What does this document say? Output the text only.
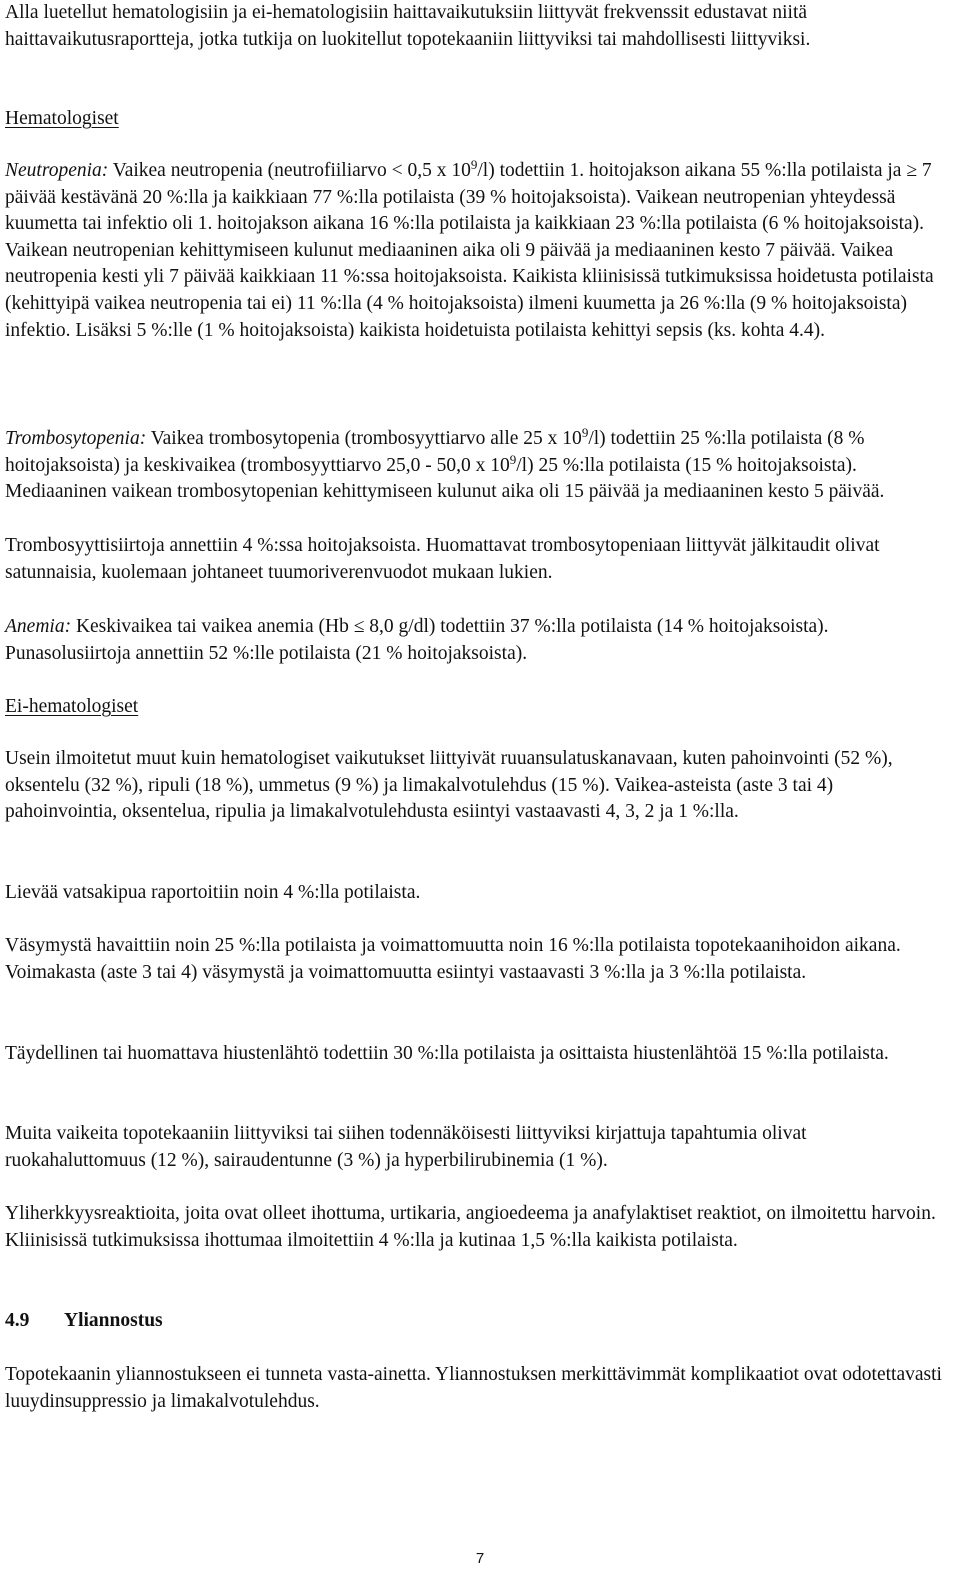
Alla luetellut hematologisiin ja ei-hematologisiin haittavaikutuksiin liittyvät frekvenssit edustavat niitä haittavaikutusraportteja, jotka tutkija on luokitellut topotekaaniin liittyviksi tai mahdollisesti liittyviksi.

Hematologiset

Neutropenia: Vaikea neutropenia (neutrofiiliarvo < 0,5 x $10^9/l$) todettiin 1. hoitojakson aikana 55 %:lla potilaista ja ≥ 7 päivää kestävänä 20 %:lla ja kaikkiaan 77 %:lla potilaista (39 % hoitojaksoista). Vaikean neutropenian yhteydessä kuumetta tai infektio oli 1. hoitojakson aikana 16 %:lla potilaista ja kaikkiaan 23 %:lla potilaista (6 % hoitojaksoista). Vaikean neutropenian kehittymiseen kulunut mediaaninen aika oli 9 päivää ja mediaaninen kesto 7 päivää. Vaikea neutropenia kesti yli 7 päivää kaikkiaan 11 %:ssa hoitojaksoista. Kaikista kliinisissä tutkimuksissa hoidetusta potilaista (kehittyipä vaikea neutropenia tai ei) 11 %:lla (4 % hoitojaksoista) ilmeni kuumetta ja 26 %:lla (9 % hoitojaksoista) infektio. Lisäksi 5 %:lle (1 % hoitojaksoista) kaikista hoidetuista potilaista kehittyi sepsis (ks. kohta 4.4).

Trombosytopenia: Vaikea trombosytopenia (trombosyyttiarvo alle 25 x $10^9/l$) todettiin 25 %:lla potilaista (8 % hoitojaksoista) ja keskivaikea (trombosyyttiarvo 25,0 - 50,0 x $10^9/l$) 25 %:lla potilaista (15 % hoitojaksoista). Mediaaninen vaikean trombosytopenian kehittymiseen kulunut aika oli 15 päivää ja mediaaninen kesto 5 päivää.

Trombosyyttisiirtoja annettiin 4 %:ssa hoitojaksoista. Huomattavat trombosytopeniaan liittyvät jälkitaudit olivat satunnaisia, kuolemaan johtaneet tuumoriverenvuodot mukaan lukien.

Anemia: Keskivaikea tai vaikea anemia (Hb ≤ 8,0 g/dl) todettiin 37 %:lla potilaista (14 % hoitojaksoista). Punasolusiirtoja annettiin 52 %:lle potilaista (21 % hoitojaksoista).

Ei-hematologiset

Usein ilmoitetut muut kuin hematologiset vaikutukset liittyivät ruuansulatuskanavaan, kuten pahoinvointi (52 %), oksentelu (32 %), ripuli (18 %), ummetus (9 %) ja limakalvotulehdus (15 %). Vaikea-asteista (aste 3 tai 4) pahoinvointia, oksentelua, ripulia ja limakalvotulehdusta esiintyi vastaavasti 4, 3, 2 ja 1 %:lla.

Lievää vatsakipua raportoitiin noin 4 %:lla potilaista.

Väsymystä havaittiin noin 25 %:lla potilaista ja voimattomuutta noin 16 %:lla potilaista topotekaanihoidon aikana. Voimakasta (aste 3 tai 4) väsymystä ja voimattomuutta esiintyi vastaavasti 3 %:lla ja 3 %:lla potilaista.

Täydellinen tai huomattava hiustenlähtö todettiin 30 %:lla potilaista ja osittaista hiustenlähtöä 15 %:lla potilaista.

Muita vaikeita topotekaaniin liittyviksi tai siihen todennäköisesti liittyviksi kirjattuja tapahtumia olivat ruokahaluttomuus (12 %), sairaudentunne (3 %) ja hyperbilirubinemia (1 %).

Yliherkkyysreaktioita, joita ovat olleet ihottuma, urtikaria, angioedeema ja anafylaktiset reaktiot, on ilmoitettu harvoin. Kliinisissä tutkimuksissa ihottumaa ilmoitettiin 4 %:lla ja kutinaa 1,5 %:lla kaikista potilaista.

4.9	Yliannostus

Topotekaanin yliannostukseen ei tunneta vasta-ainetta. Yliannostuksen merkittävimmät komplikaatiot ovat odotettavasti luuydinsuppressio ja limakalvotulehdus.

7
